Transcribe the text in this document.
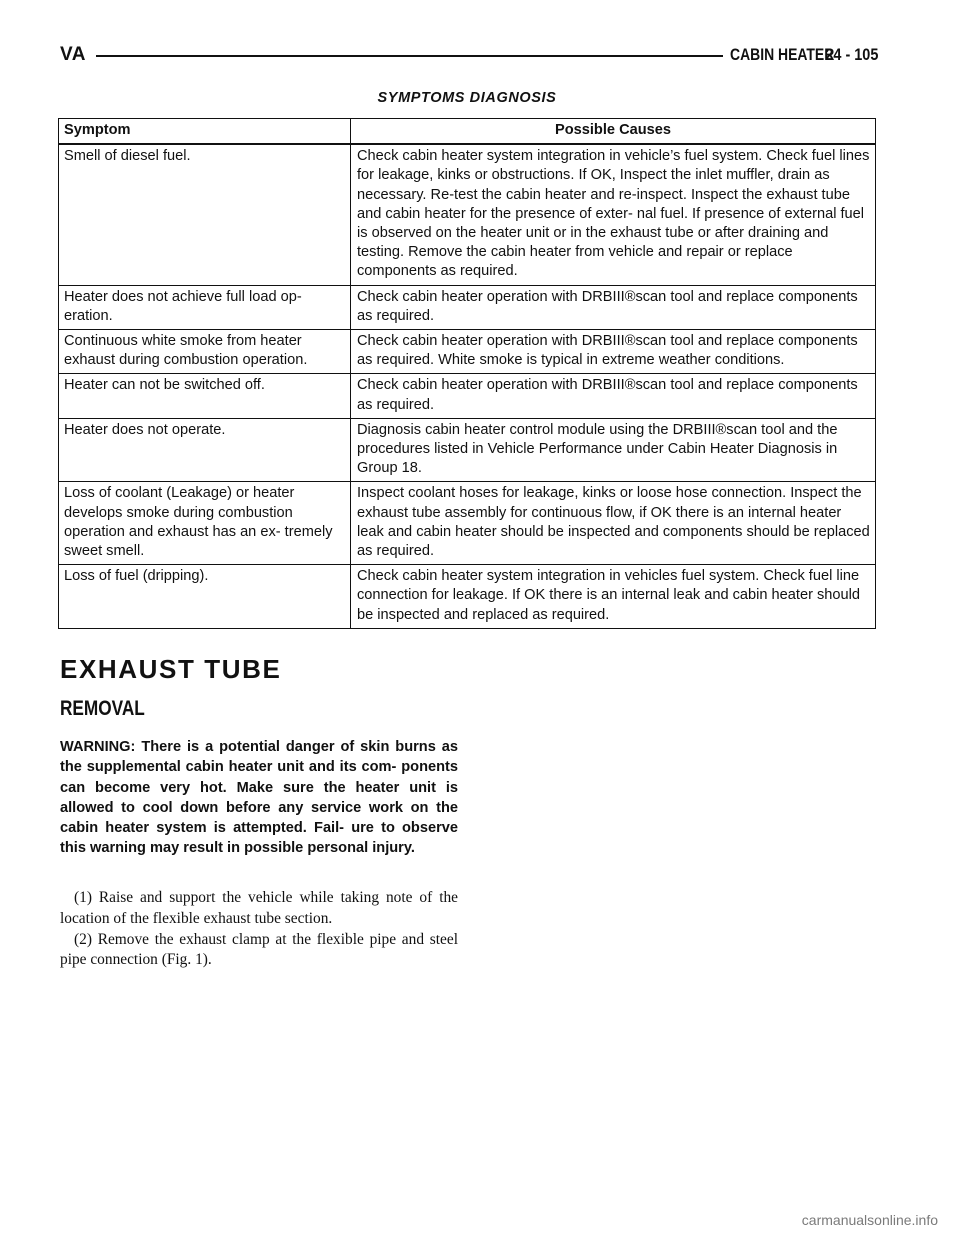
VA	CABIN HEATER
24 - 105
SYMPTOMS DIAGNOSIS
Symptom	Possible Causes
Smell of diesel fuel.	Check cabin heater system integration in vehicle’s fuel system. Check fuel lines for leakage, kinks or obstructions. If OK, Inspect the inlet muffler, drain as necessary. Re-test the cabin heater and re-inspect. Inspect the exhaust tube and cabin heater for the presence of exter- nal fuel. If presence of external fuel is observed on the heater unit or in the exhaust tube or after draining and testing. Remove the cabin heater from vehicle and repair or replace components as required.
Heater does not achieve full load op- eration.	Check cabin heater operation with DRBIII®scan tool and replace components as required.
Continuous white smoke from heater exhaust during combustion operation.	Check cabin heater operation with DRBIII®scan tool and replace components as required. White smoke is typical in extreme weather conditions.
Heater can not be switched off.	Check cabin heater operation with DRBIII®scan tool and replace components as required.
Heater does not operate.	Diagnosis cabin heater control module using the DRBIII®scan tool and the procedures listed in Vehicle Performance under Cabin Heater Diagnosis in Group 18.
Loss of coolant (Leakage) or heater develops smoke during combustion operation and exhaust has an ex- tremely sweet smell.	Inspect coolant hoses for leakage, kinks or loose hose connection. Inspect the exhaust tube assembly for continuous flow, if OK there is an internal heater leak and cabin heater should be inspected and components should be replaced as required.
Loss of fuel (dripping).	Check cabin heater system integration in vehicles fuel system. Check fuel line connection for leakage. If OK there is an internal leak and cabin heater should be inspected and replaced as required.
EXHAUST TUBE
REMOVAL
WARNING: There is a potential danger of skin burns as the supplemental cabin heater unit and its com- ponents can become very hot. Make sure the heater unit is allowed to cool down before any service work on the cabin heater system is attempted. Fail- ure to observe this warning may result in possible personal injury.

(1) Raise and support the vehicle while taking note of the location of the flexible exhaust tube section.

(2) Remove the exhaust clamp at the flexible pipe and steel pipe connection (Fig. 1).

carmanualsonline.info
